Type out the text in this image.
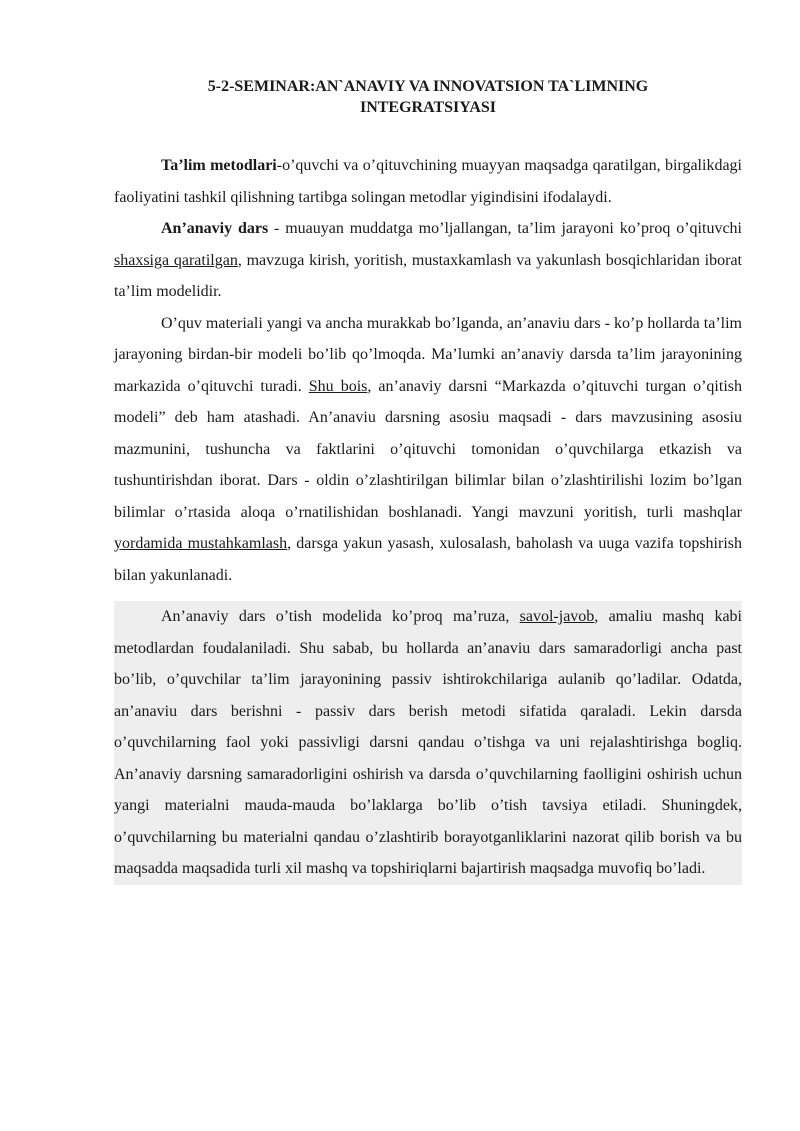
5-2-SEMINAR:AN`ANAVIY VA INNOVATSION TA`LIMNING INTEGRATSIYASI

Ta’lim metodlari-o’quvchi va o’qituvchining muayyan maqsadga qaratilgan, birgalikdagi faoliyatini tashkil qilishning tartibga solingan metodlar yigindisini ifodalaydi.

An’anaviy dars - muauyan muddatga mo’ljallangan, ta’lim jarayoni ko’proq o’qituvchi shaxsiga qaratilgan, mavzuga kirish, yoritish, mustaxkamlash va yakunlash bosqichlaridan iborat ta’lim modelidir.

O’quv materiali yangi va ancha murakkab bo’lganda, an’anaviu dars - ko’p hollarda ta’lim jarayoning birdan-bir modeli bo’lib qo’lmoqda. Ma’lumki an’anaviy darsda ta’lim jarayonining markazida o’qituvchi turadi. Shu bois, an’anaviy darsni “Markazda o’qituvchi turgan o’qitish modeli” deb ham atashadi. An’anaviu darsning asosiu maqsadi - dars mavzusining asosiu mazmunini, tushuncha va faktlarini o’qituvchi tomonidan o’quvchilarga etkazish va tushuntirishdan iborat. Dars - oldin o’zlashtirilgan bilimlar bilan o’zlashtirilishi lozim bo’lgan bilimlar o’rtasida aloqa o’rnatilishidan boshlanadi. Yangi mavzuni yoritish, turli mashqlar yordamida mustahkamlash, darsga yakun yasash, xulosalash, baholash va uuga vazifa topshirish bilan yakunlanadi.

An’anaviy dars o’tish modelida ko’proq ma’ruza, savol-javob, amaliu mashq kabi metodlardan foudalaniladi. Shu sabab, bu hollarda an’anaviu dars samaradorligi ancha past bo’lib, o’quvchilar ta’lim jarayonining passiv ishtirokchilariga aulanib qo’ladilar. Odatda, an’anaviu dars berishni - passiv dars berish metodi sifatida qaraladi. Lekin darsda o’quvchilarning faol yoki passivligi darsni qandau o’tishga va uni rejalashtirishga bogliq. An’anaviy darsning samaradorligini oshirish va darsda o’quvchilarning faolligini oshirish uchun yangi materialni mauda-mauda bo’laklarga bo’lib o’tish tavsiya etiladi. Shuningdek, o’quvchilarning bu materialni qandau o’zlashtirib borayotganliklarini nazorat qilib borish va bu maqsadda maqsadida turli xil mashq va topshiriqlarni bajartirish maqsadga muvofiq bo’ladi.
